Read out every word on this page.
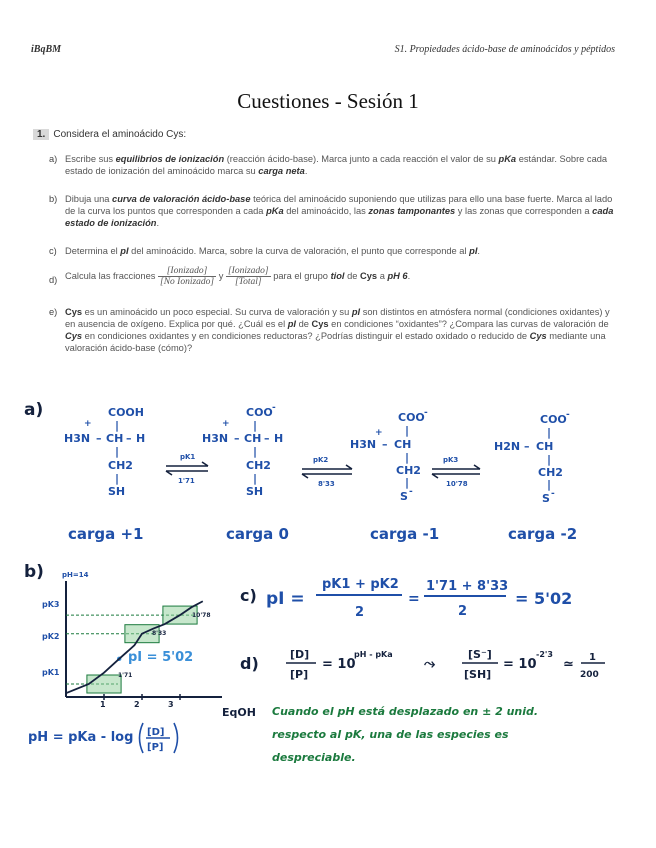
iBqBM	S1. Propiedades ácido-base de aminoácidos y péptidos
Cuestiones - Sesión 1
1. Considera el aminoácido Cys:
a) Escribe sus equilibrios de ionización (reacción ácido-base). Marca junto a cada reacción el valor de su pKa estándar. Sobre cada estado de ionización del aminoácido marca su carga neta.
b) Dibuja una curva de valoración ácido-base teórica del aminoácido suponiendo que utilizas para ello una base fuerte. Marca al lado de la curva los puntos que corresponden a cada pKa del aminoácido, las zonas tamponantes y las zonas que corresponden a cada estado de ionización.
c) Determina el pI del aminoácido. Marca, sobre la curva de valoración, el punto que corresponde al pI.
d) Calcula las fracciones $\frac{\text{[Ionizado]}}{\text{[No Ionizado]}}$ y $\frac{\text{[Ionizado]}}{\text{[Total]}}$ para el grupo tiol de Cys a pH 6.
e) Cys es un aminoácido un poco especial. Su curva de valoración y su pI son distintos en atmósfera normal (condiciones oxidantes) y en ausencia de oxígeno. Explica por qué. ¿Cuál es el pI de Cys en condiciones “oxidantes”? ¿Compara las curvas de valoración de Cys en condiciones oxidantes y en condiciones reductoras? ¿Podrías distinguir el estado oxidado o reducido de Cys mediante una valoración ácido-base (cómo)?
a)	COOH
|
+
H3N – CH – H
|
CH2
|
SH
COO -
|
+
H3N – CH – H
|
CH2
|
SH
COO -
|
+
H3N – CH
|
CH2
|
S -
COO -
|
H2N – CH
|
CH2
|
S -
pK1
1'71
pK2
8'33
pK3
10'78
carga +1	carga 0	carga -1	carga -2
b)	pH=14
pK3
pK2
pK1
10'78
8'33
1'71
pI = 5'02
1	2	3
EqOH
pH = pKa - log [D]
[P]
c) pI =
pK1 + pK2
2
=
1'71 + 8'33
2
= 5'02
d)	[D]
[P]
= 10
pH - pKa
⤳
[S⁻]
[SH]
= 10
-2'3
≃ 1
200
Cuando el pH está desplazado en ± 2 unid.
respecto al pK, una de las especies es
despreciable.
